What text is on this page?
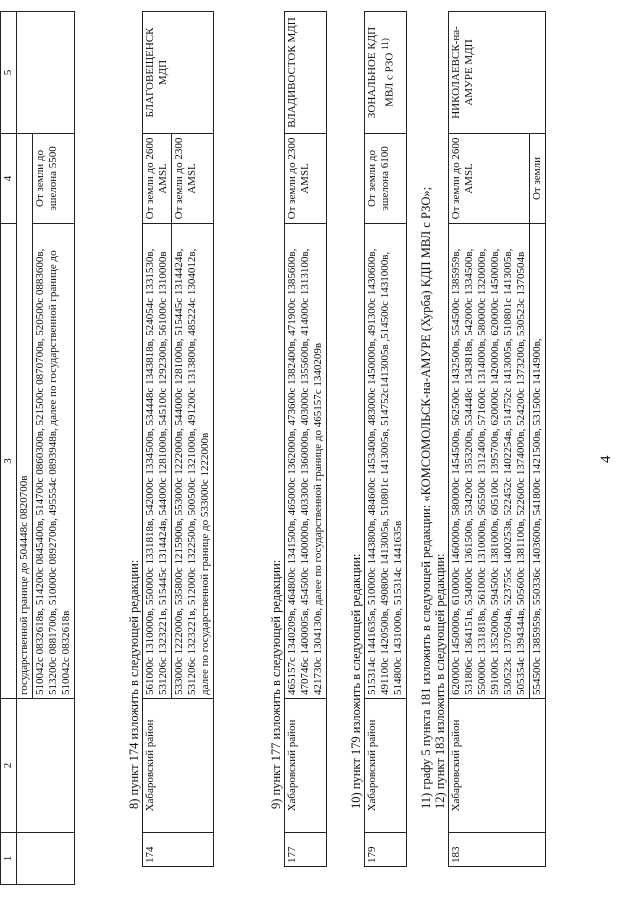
4
1	2	3	4	5
		государственной границе до 504448с 0820700в		
		510042с 0832618в, 514200с 0845400в, 514700с 0860300в, 521500с 0870700в, 520500с 0883600в, 513200с 0881700в, 510000с 0892700в, 495554с 0893948в, далее по государственной границе до 510042с 0832618в	От земли до эшелона 5500	
8) пункт 174 изложить в следующей редакции:
174	Хабаровский район	561000с 1310000в, 550000с 1331818в, 542000с 1334500в, 534448с 1343818в, 524054с 1331530в, 531206с 1323221в, 515445с 1314424в, 544000с 1281000в, 545100с 1292300в, 561000с 1310000в	От земли до 2600 AMSL	БЛАГОВЕЩЕНСК МДП
		533000с 1222000в, 535800с 1215900в, 553000с 1222000в, 544000с 1281000в, 515445с 1314424в, 531206с 1323221в, 512000с 1322500в, 500500с 1321000в, 491200с 1313800в, 485224с 1304012в, далее по государственной границе до 533000с 1222000в	От земли до 2300 AMSL	
9) пункт 177 изложить в следующей редакции:
177	Хабаровский район	465157с 1340209в, 464800с 1341500в, 465000с 1362000в, 473600с 1382400в, 471900с 1385600в, 470746с 1400005в, 454500с 1400000в, 403300с 1360000в, 403000с 1355600в, 414000с 1313100в, 421730с 1304130в, далее по государственной границе до 465157с 1340209в	От земли до 2300 AMSL	ВЛАДИВОСТОК МДП
10) пункт 179 изложить в следующей редакции:
179	Хабаровский район	515314с 1441635в, 510000с 1443800в, 484600с 1453400в, 483000с 1450000в, 491300с 1430600в, 491100с 1420500в, 490800с 1413005в, 510801с 1413005в, 514752с1413005в ,514500с 1431000в, 514800с 1431000в, 515314с 1441635в	От земли до эшелона 6100	ЗОНАЛЬНОЕ КДП МВЛ с РЗО $^{11)}$
11) графу 5 пункта 181 изложить в следующей редакции: «КОМСОМОЛЬСК-на-АМУРЕ (Хурба) КДП МВЛ с РЗО»; 12) пункт 183 изложить в следующей редакции:
183	Хабаровский район	620000с 1450000в, 610000с 1460000в, 580000с 1454500в, 562500с 1432500в, 554500с 1385959в, 531806с 1364151в, 534000с 1361500в, 534200с 1353200в, 534448с 1343818в, 542000с 1334500в, 550000с 1331818в, 561000с 1310000в, 565500с 1312400в, 571600с 1314000в, 580000с 1320000в, 591000с 1352000в, 594500с 1381000в, 605100с 1395700в, 620000с 1420000в, 620000с 1450000в, 530523с 1370504в, 523755с 1400253в, 522452с 1402254в, 514752с 1413005в, 510801с 1413005в, 505354с 1394344в, 505600с 1381100в, 522600с 1374000в, 524200с 1373200в, 530523с 1370504в	От земли до 2600 AMSL	НИКОЛАЕВСК-на-АМУРЕ МДП
		554500с 1385959в, 550336с 1403600в, 541800с 1421500в, 531500с 1414900в,	От земли	
